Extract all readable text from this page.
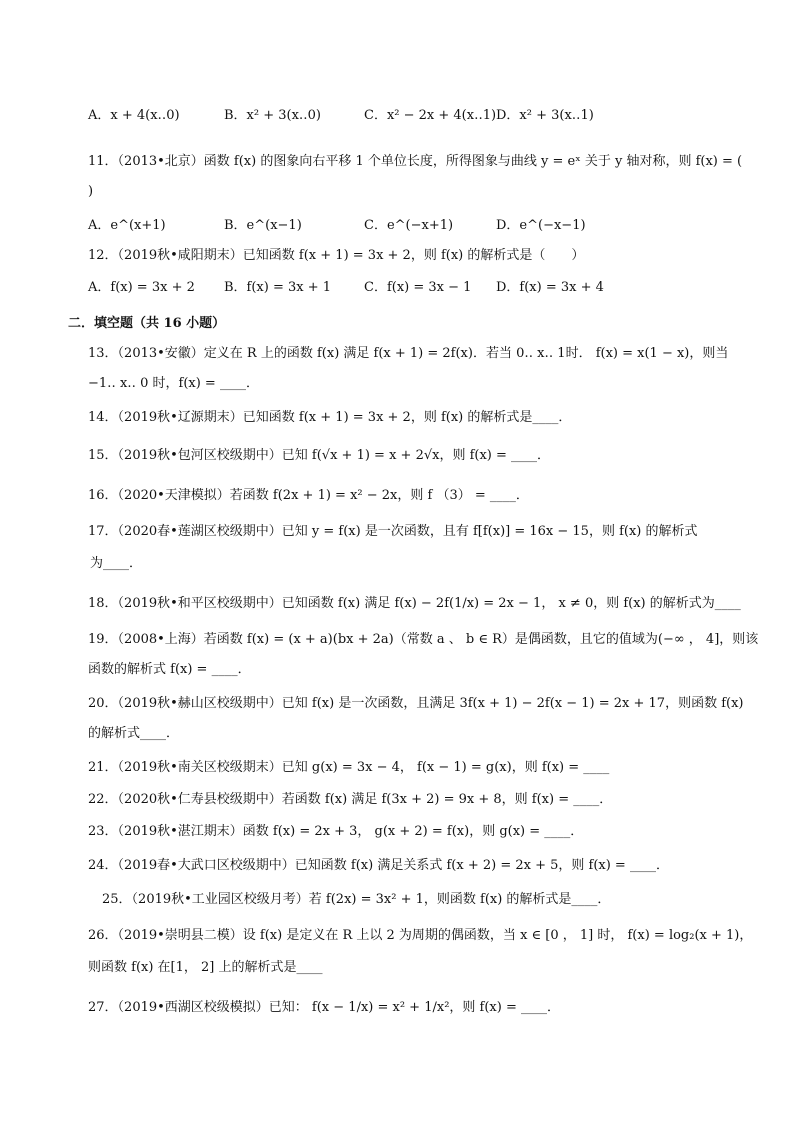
A．x + 4(x‥0)	B．x² + 3(x‥0)	C．x² − 2x + 4(x‥1) D．x² + 3(x‥1)
11．（2013•北京）函数 f(x) 的图象向右平移 1 个单位长度，所得图象与曲线 y = eˣ 关于 y 轴对称，则 f(x) = (
)
A．e^(x+1)	B．e^(x−1)	C．e^(−x+1)	D．e^(−x−1)
12．（2019秋•咸阳期末）已知函数 f(x + 1) = 3x + 2，则 f(x) 的解析式是（　　）
A．f(x) = 3x + 2 B．f(x) = 3x + 1	C．f(x) = 3x − 1 D．f(x) = 3x + 4
二．填空题（共 16 小题）
13．（2013•安徽）定义在 R 上的函数 f(x) 满足 f(x + 1) = 2f(x)．若当 0‥ x‥ 1时． f(x) = x(1 − x)，则当
−1‥ x‥ 0 时，f(x) = ____．
14．（2019秋•辽源期末）已知函数 f(x + 1) = 3x + 2，则 f(x) 的解析式是____．
15．（2019秋•包河区校级期中）已知 f(√x + 1) = x + 2√x，则 f(x) = ____．
16．（2020•天津模拟）若函数 f(2x + 1) = x² − 2x，则 f （3） = ____．
17．（2020春•莲湖区校级期中）已知 y = f(x) 是一次函数，且有 f[f(x)] = 16x − 15，则 f(x) 的解析式
为____．
18．（2019秋•和平区校级期中）已知函数 f(x) 满足 f(x) − 2f(1/x) = 2x − 1， x ≠ 0，则 f(x) 的解析式为____
19．（2008•上海）若函数 f(x) = (x + a)(bx + 2a)（常数 a 、 b ∈ R）是偶函数，且它的值域为(−∞ ， 4]，则该
函数的解析式 f(x) = ____．
20．（2019秋•赫山区校级期中）已知 f(x) 是一次函数，且满足 3f(x + 1) − 2f(x − 1) = 2x + 17，则函数 f(x)
的解析式____．
21．（2019秋•南关区校级期末）已知 g(x) = 3x − 4， f(x − 1) = g(x)，则 f(x) = ____
22．（2020秋•仁寿县校级期中）若函数 f(x) 满足 f(3x + 2) = 9x + 8，则 f(x) = ____．
23．（2019秋•湛江期末）函数 f(x) = 2x + 3， g(x + 2) = f(x)，则 g(x) = ____．
24．（2019春•大武口区校级期中）已知函数 f(x) 满足关系式 f(x + 2) = 2x + 5，则 f(x) = ____．
25．（2019秋•工业园区校级月考）若 f(2x) = 3x² + 1，则函数 f(x) 的解析式是____．
26．（2019•崇明县二模）设 f(x) 是定义在 R 上以 2 为周期的偶函数，当 x ∈ [0 ， 1] 时， f(x) = log₂(x + 1)，
则函数 f(x) 在[1， 2] 上的解析式是____
27．（2019•西湖区校级模拟）已知： f(x − 1/x) = x² + 1/x²，则 f(x) = ____．
